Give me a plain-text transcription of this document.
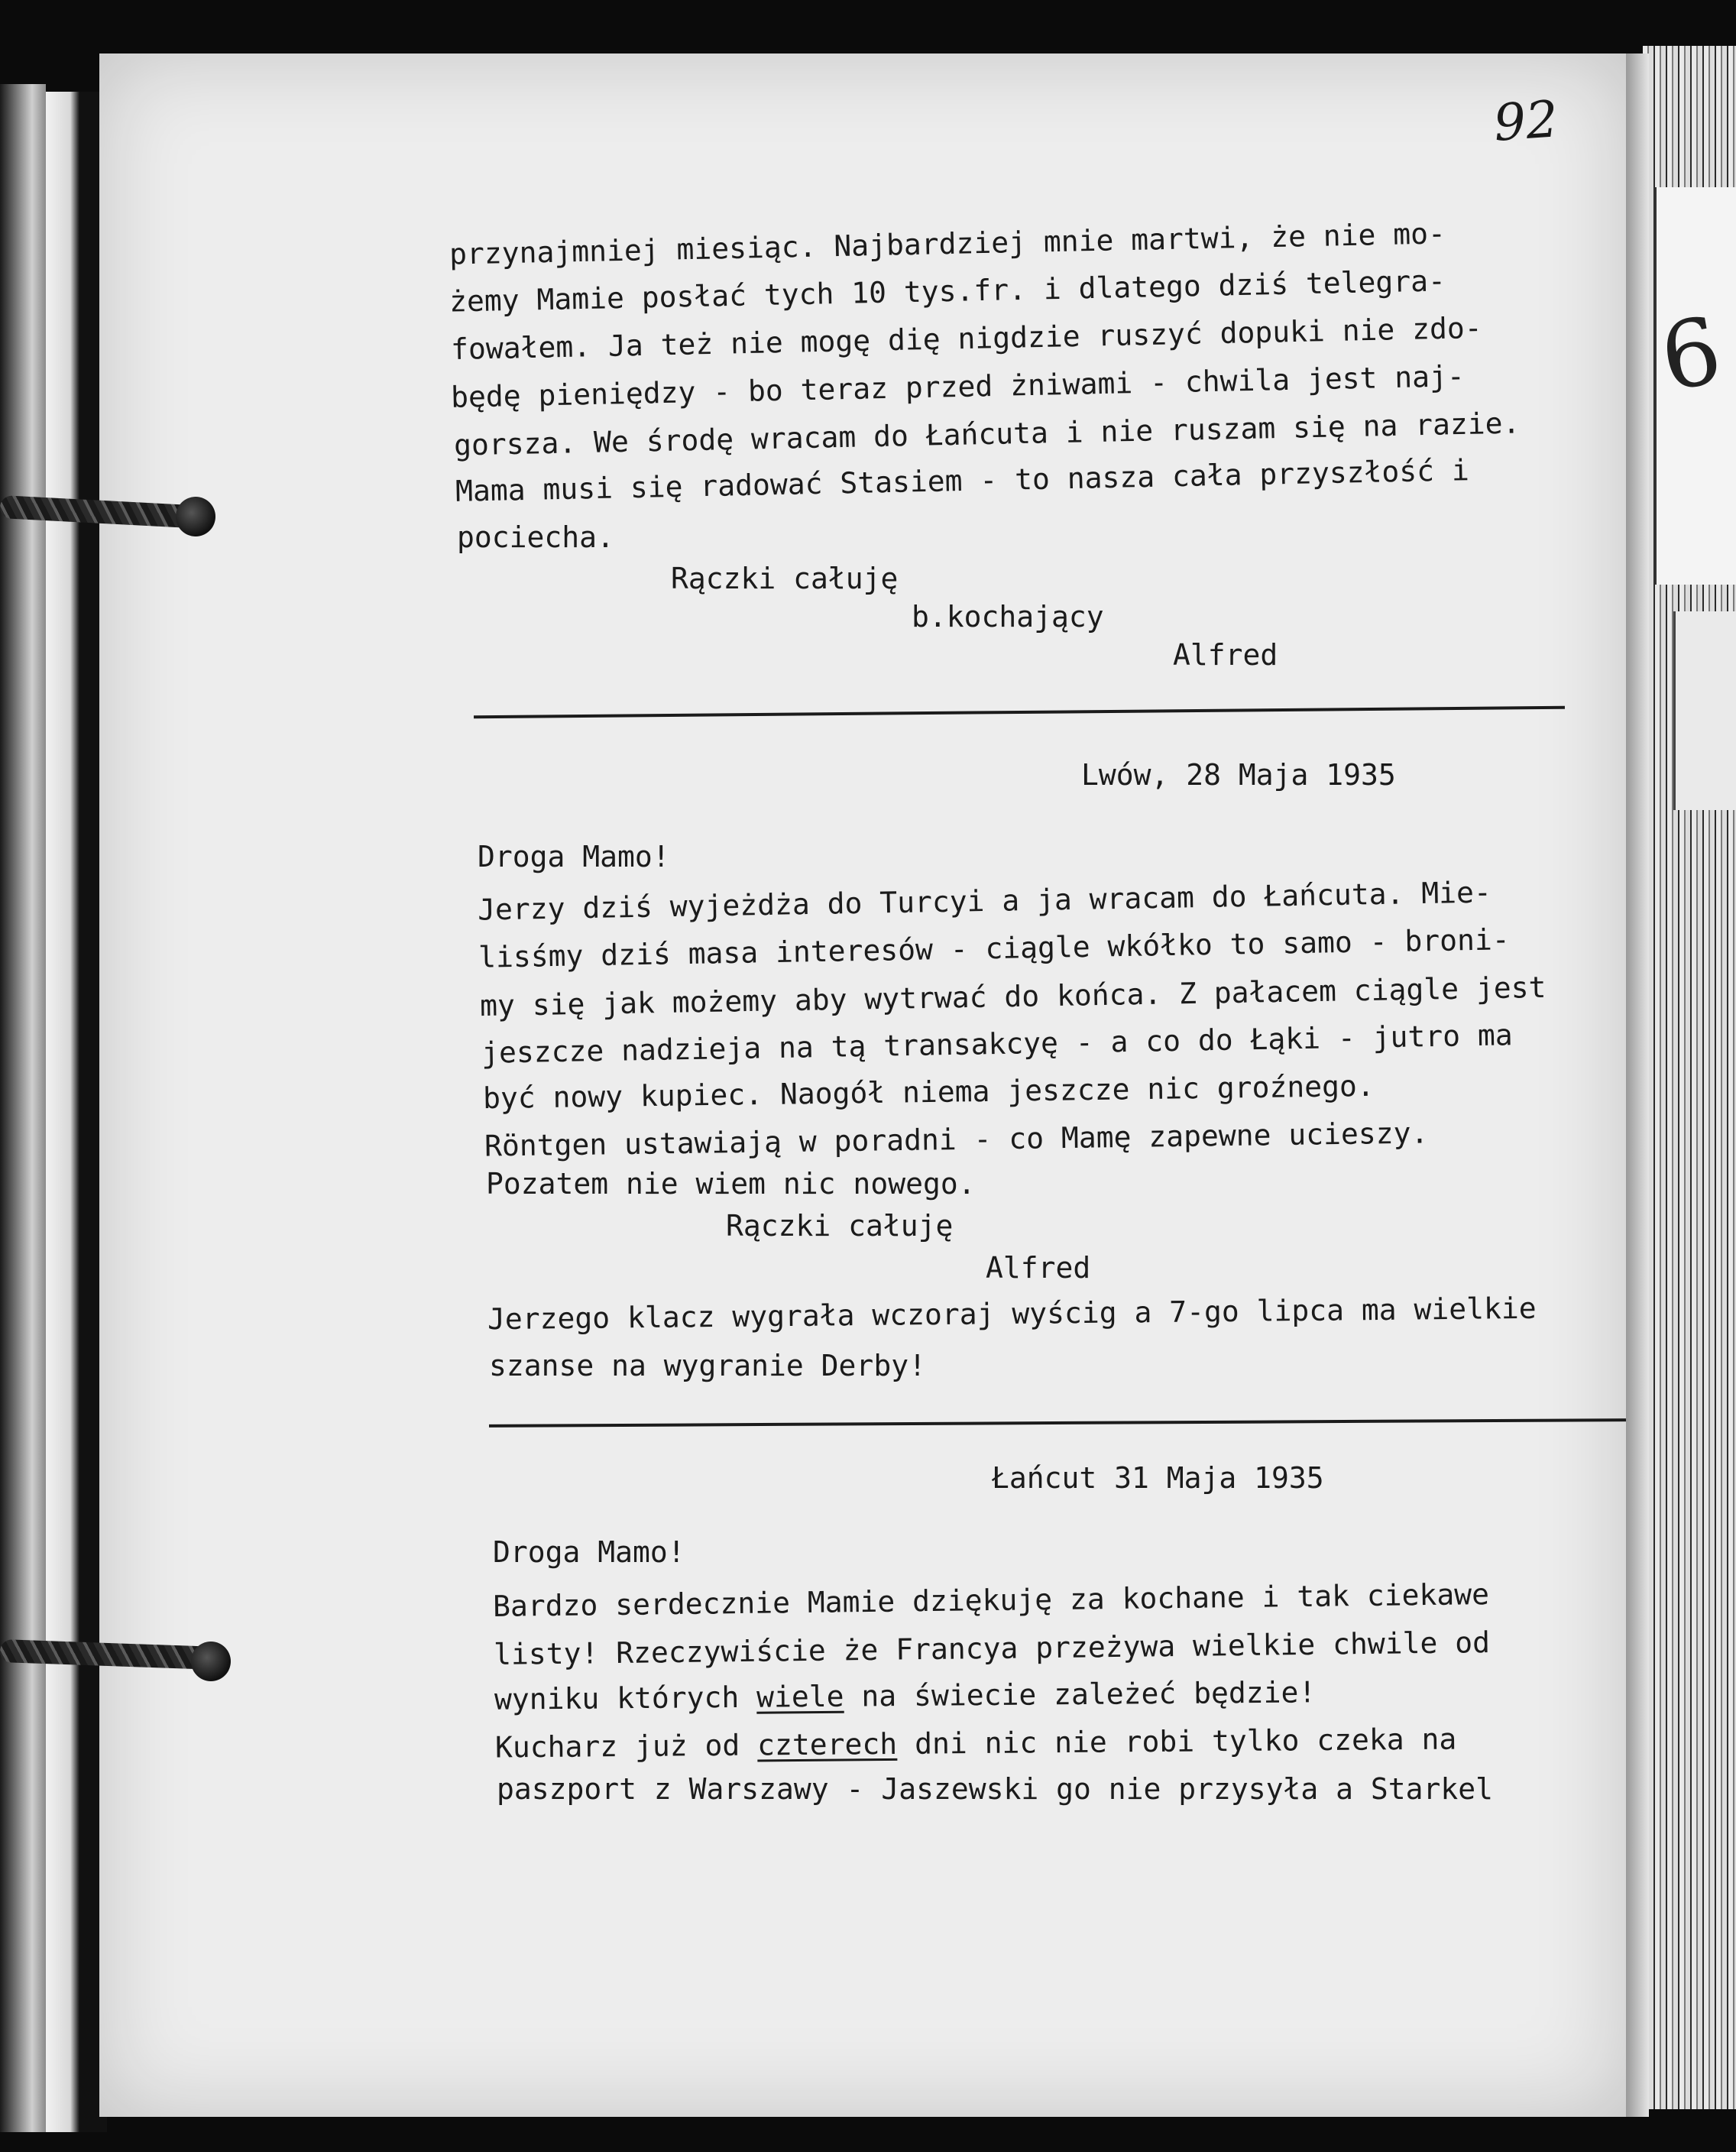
92
6
przynajmniej miesiąc. Najbardziej mnie martwi, że nie mo-
żemy Mamie posłać tych 10 tys.fr. i dlatego dziś telegra-
fowałem. Ja też nie mogę dię nigdzie ruszyć dopuki nie zdo-
będę pieniędzy - bo teraz przed żniwami - chwila jest naj-
gorsza. We środę wracam do Łańcuta i nie ruszam się na razie.
Mama musi się radować Stasiem - to nasza cała przyszłość i
pociecha.
Rączki całuję
b.kochający
Alfred
Lwów, 28 Maja 1935
Droga Mamo!
Jerzy dziś wyjeżdża do Turcyi a ja wracam do Łańcuta. Mie-
lisśmy dziś masa interesów - ciągle wkółko to samo - broni-
my się jak możemy aby wytrwać do końca. Z pałacem ciągle jest
jeszcze nadzieja na tą transakcyę - a co do Łąki - jutro ma
być nowy kupiec. Naogół niema jeszcze nic groźnego.
Röntgen ustawiają w poradni - co Mamę zapewne ucieszy.
Pozatem nie wiem nic nowego.
Rączki całuję
Alfred
Jerzego klacz wygrała wczoraj wyścig a 7-go lipca ma wielkie
szanse na wygranie Derby!
Łańcut 31 Maja 1935
Droga Mamo!
Bardzo serdecznie Mamie dziękuję za kochane i tak ciekawe
listy! Rzeczywiście że Francya przeżywa wielkie chwile od
wyniku których wiele na świecie zależeć będzie!
Kucharz już od czterech dni nic nie robi tylko czeka na
paszport z Warszawy - Jaszewski go nie przysyła a Starkel
